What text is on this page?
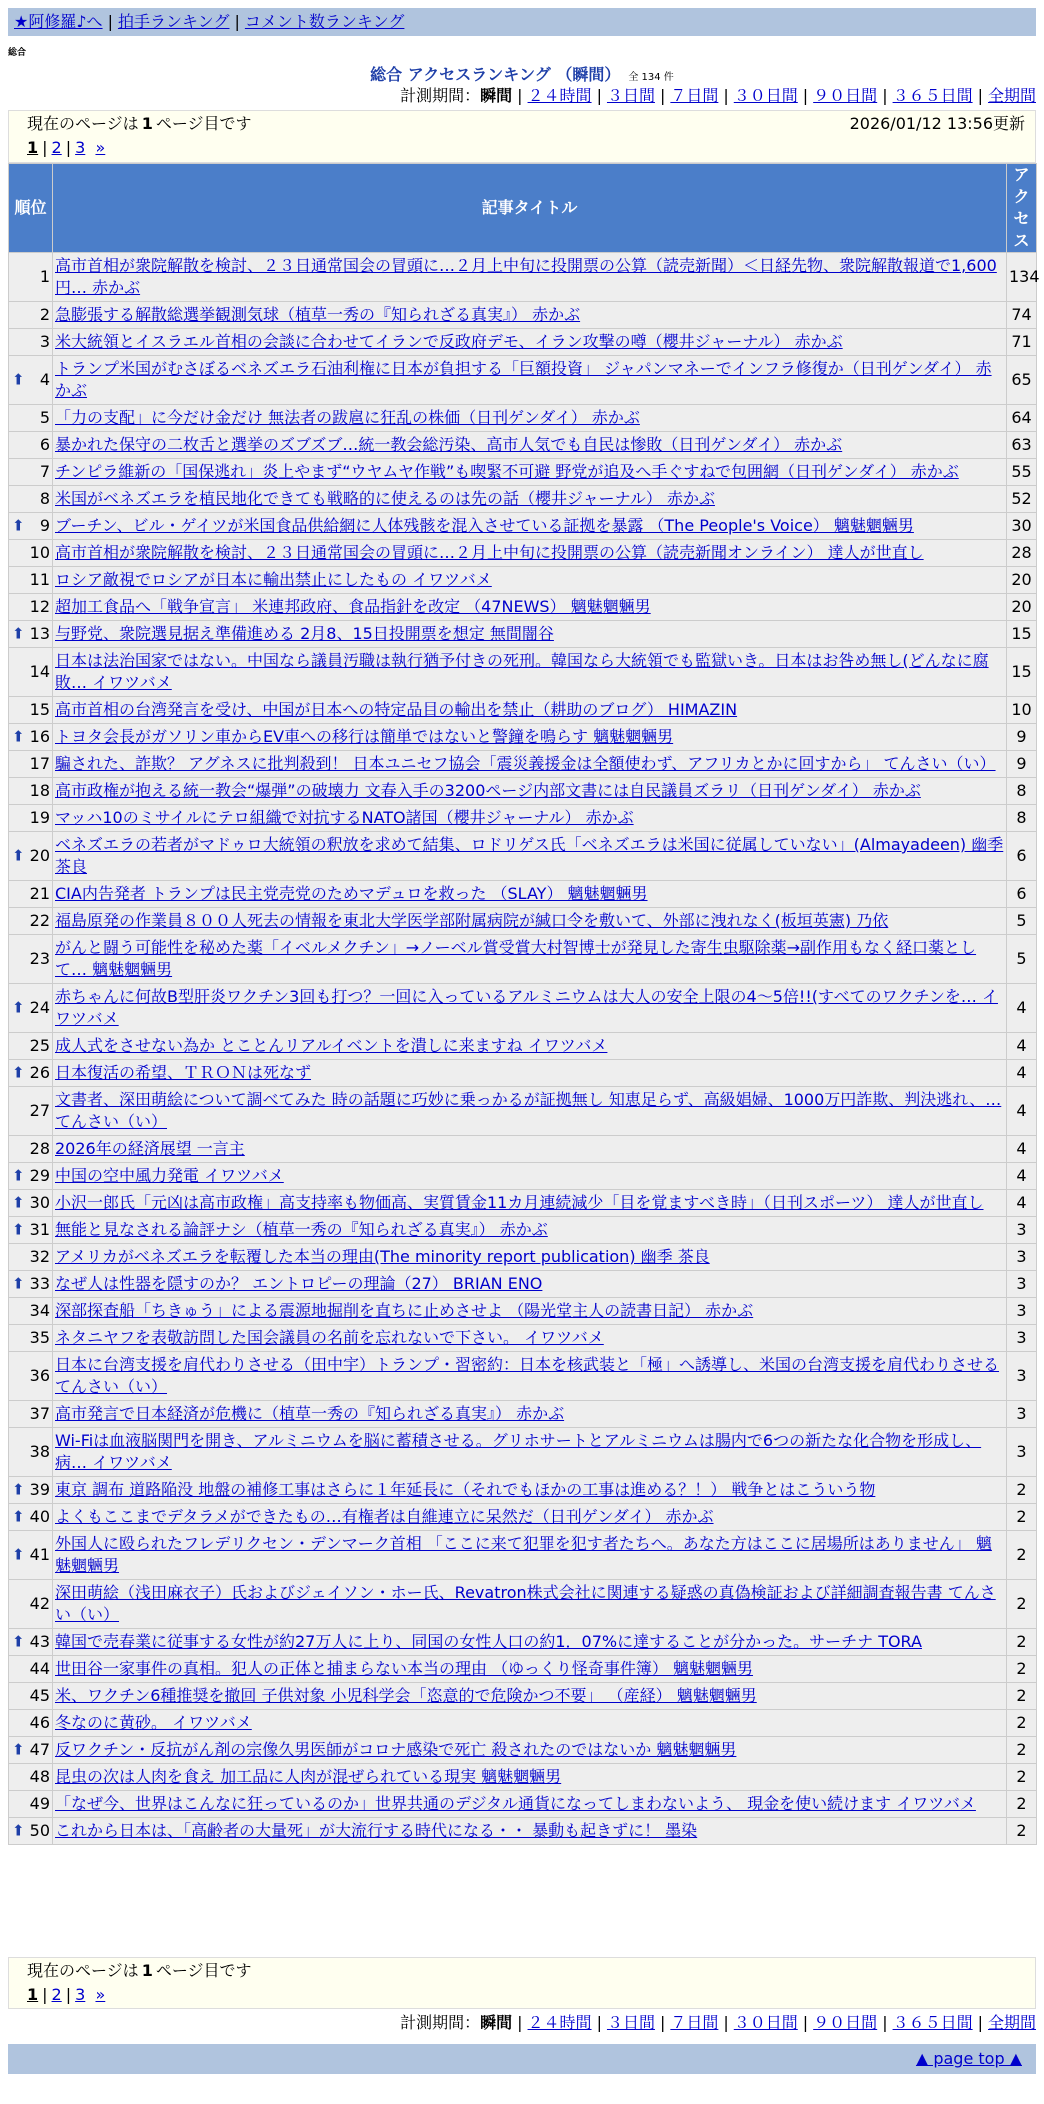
★阿修羅♪へ | 拍手ランキング | コメント数ランキング
総合
総合 アクセスランキング （瞬間） 全 134 件
計測期間：瞬間 | ２４時間 | ３日間 | ７日間 | ３０日間 | ９０日間 | ３６５日間 | 全期間
現在のページは 1 ページ目です	2026/01/12 13:56更新
1 | 2 | 3 »
順位	記事タイトル	アクセス
1	高市首相が衆院解散を検討、２３日通常国会の冒頭に…２月上中旬に投開票の公算（読売新聞）＜日経先物、衆院解散報道で1,600円… 赤かぶ	134
2	急膨張する解散総選挙観測気球（植草一秀の『知られざる真実』） 赤かぶ	74
3	米大統領とイスラエル首相の会談に合わせてイランで反政府デモ、イラン攻撃の噂（櫻井ジャーナル） 赤かぶ	71

⬆ 4	トランプ米国がむさぼるベネズエラ石油利権に日本が負担する「巨額投資」 ジャパンマネーでインフラ修復か（日刊ゲンダイ） 赤かぶ	65
5	「力の支配」に今だけ金だけ 無法者の跋扈に狂乱の株価（日刊ゲンダイ） 赤かぶ	64
6	暴かれた保守の二枚舌と選挙のズブズブ…統一教会総汚染、高市人気でも自民は惨敗（日刊ゲンダイ） 赤かぶ	63
7	チンピラ維新の「国保逃れ」炎上やまず“ウヤムヤ作戦”も喫緊不可避 野党が追及へ手ぐすねで包囲網（日刊ゲンダイ） 赤かぶ	55
8	米国がベネズエラを植民地化できても戦略的に使えるのは先の話（櫻井ジャーナル） 赤かぶ	52

⬆ 9	ブーチン、ビル・ゲイツが米国食品供給網に人体残骸を混入させている証拠を暴露 （The People's Voice） 魑魅魍魎男	30
10	高市首相が衆院解散を検討、２３日通常国会の冒頭に…２月上中旬に投開票の公算（読売新聞オンライン） 達人が世直し	28
11	ロシア敵視でロシアが日本に輸出禁止にしたもの イワツバメ	20
12	超加工食品へ「戦争宣言」 米連邦政府、食品指針を改定 （47NEWS） 魑魅魍魎男	20

⬆ 13	与野党、衆院選見据え準備進める 2月8、15日投開票を想定 無間闇谷	15
14	日本は法治国家ではない。中国なら議員汚職は執行猶予付きの死刑。韓国なら大統領でも監獄いき。日本はお咎め無し(どんなに腐敗… イワツバメ	15
15	高市首相の台湾発言を受け、中国が日本への特定品目の輸出を禁止（耕助のブログ） HIMAZIN	10

⬆ 16	トヨタ会長がガソリン車からEV車への移行は簡単ではないと警鐘を鳴らす 魑魅魍魎男	9
17	騙された、詐欺？ アグネスに批判殺到！ 日本ユニセフ協会「震災義援金は全額使わず、アフリカとかに回すから」 てんさい（い）	9
18	高市政権が抱える統一教会“爆弾”の破壊力 文春入手の3200ページ内部文書には自民議員ズラリ（日刊ゲンダイ） 赤かぶ	8
19	マッハ10のミサイルにテロ組織で対抗するNATO諸国（櫻井ジャーナル） 赤かぶ	8

⬆ 20	ベネズエラの若者がマドゥロ大統領の釈放を求めて結集、ロドリゲス氏「ベネズエラは米国に従属していない」(Almayadeen) 幽季 茶良	6
21	CIA内告発者 トランプは民主党売党のためマデュロを救った （SLAY） 魑魅魍魎男	6
22	福島原発の作業員８００人死去の情報を東北大学医学部附属病院が緘口令を敷いて、外部に洩れなく(板垣英憲) 乃依	5
23	がんと闘う可能性を秘めた薬「イベルメクチン」→ノーベル賞受賞大村智博士が発見した寄生虫駆除薬→副作用もなく経口薬として… 魑魅魍魎男	5

⬆ 24	赤ちゃんに何故B型肝炎ワクチン3回も打つ？一回に入っているアルミニウムは大人の安全上限の4〜5倍!!(すべてのワクチンを… イワツバメ	4
25	成人式をさせない為か とことんリアルイベントを潰しに来ますね イワツバメ	4

⬆ 26	日本復活の希望、ＴＲＯＮは死なず	4
27	文書者、深田萌絵について調べてみた 時の話題に巧妙に乗っかるが証拠無し 知恵足らず、高級娼婦、1000万円詐欺、判決逃れ、… てんさい（い）	4
28	2026年の経済展望 一言主	4

⬆ 29	中国の空中風力発電 イワツバメ	4

⬆ 30	小沢一郎氏「元凶は高市政権」高支持率も物価高、実質賃金11カ月連続減少「目を覚ますべき時」（日刊スポーツ） 達人が世直し	4

⬆ 31	無能と見なされる論評ナシ（植草一秀の『知られざる真実』） 赤かぶ	3
32	アメリカがベネズエラを転覆した本当の理由(The minority report publication) 幽季 茶良	3

⬆ 33	なぜ人は性器を隠すのか？ エントロピーの理論（27） BRIAN ENO	3
34	深部探査船「ちきゅう」による震源地掘削を直ちに止めさせよ （陽光堂主人の読書日記） 赤かぶ	3
35	ネタニヤフを表敬訪問した国会議員の名前を忘れないで下さい。 イワツバメ	3
36	日本に台湾支援を肩代わりさせる（田中宇）トランプ・習密約：日本を核武装と「極」へ誘導し、米国の台湾支援を肩代わりさせる てんさい（い）	3
37	高市発言で日本経済が危機に（植草一秀の『知られざる真実』） 赤かぶ	3
38	Wi-Fiは血液脳関門を開き、アルミニウムを脳に蓄積させる。グリホサートとアルミニウムは腸内で6つの新たな化合物を形成し、病… イワツバメ	3

⬆ 39	東京 調布 道路陥没 地盤の補修工事はさらに１年延長に（それでもほかの工事は進める？！） 戦争とはこういう物	2

⬆ 40	よくもここまでデタラメができたもの…有権者は自維連立に呆然だ（日刊ゲンダイ） 赤かぶ	2

⬆ 41	外国人に殴られたフレデリクセン・デンマーク首相 「ここに来て犯罪を犯す者たちへ。あなた方はここに居場所はありません」 魑魅魍魎男	2
42	深田萌絵（浅田麻衣子）氏およびジェイソン・ホー氏、Revatron株式会社に関連する疑惑の真偽検証および詳細調査報告書 てんさい（い）	2

⬆ 43	韓国で売春業に従事する女性が約27万人に上り、同国の女性人口の約1．07%に達することが分かった。サーチナ TORA	2
44	世田谷一家事件の真相。犯人の正体と捕まらない本当の理由 （ゆっくり怪奇事件簿） 魑魅魍魎男	2
45	米、ワクチン6種推奨を撤回 子供対象 小児科学会「恣意的で危険かつ不要」 （産経） 魑魅魍魎男	2
46	冬なのに黄砂。 イワツバメ	2

⬆ 47	反ワクチン・反抗がん剤の宗像久男医師がコロナ感染で死亡 殺されたのではないか 魑魅魍魎男	2
48	昆虫の次は人肉を食え 加工品に人肉が混ぜられている現実 魑魅魍魎男	2
49	「なぜ今、世界はこんなに狂っているのか」世界共通のデジタル通貨になってしまわないよう、 現金を使い続けます イワツバメ	2

⬆ 50	これから日本は、「高齢者の大量死」が大流行する時代になる・・ 暴動も起きずに！ 墨染	2
現在のページは 1 ページ目です
1 | 2 | 3 »
計測期間：瞬間 | ２４時間 | ３日間 | ７日間 | ３０日間 | ９０日間 | ３６５日間 | 全期間
▲ page top ▲
